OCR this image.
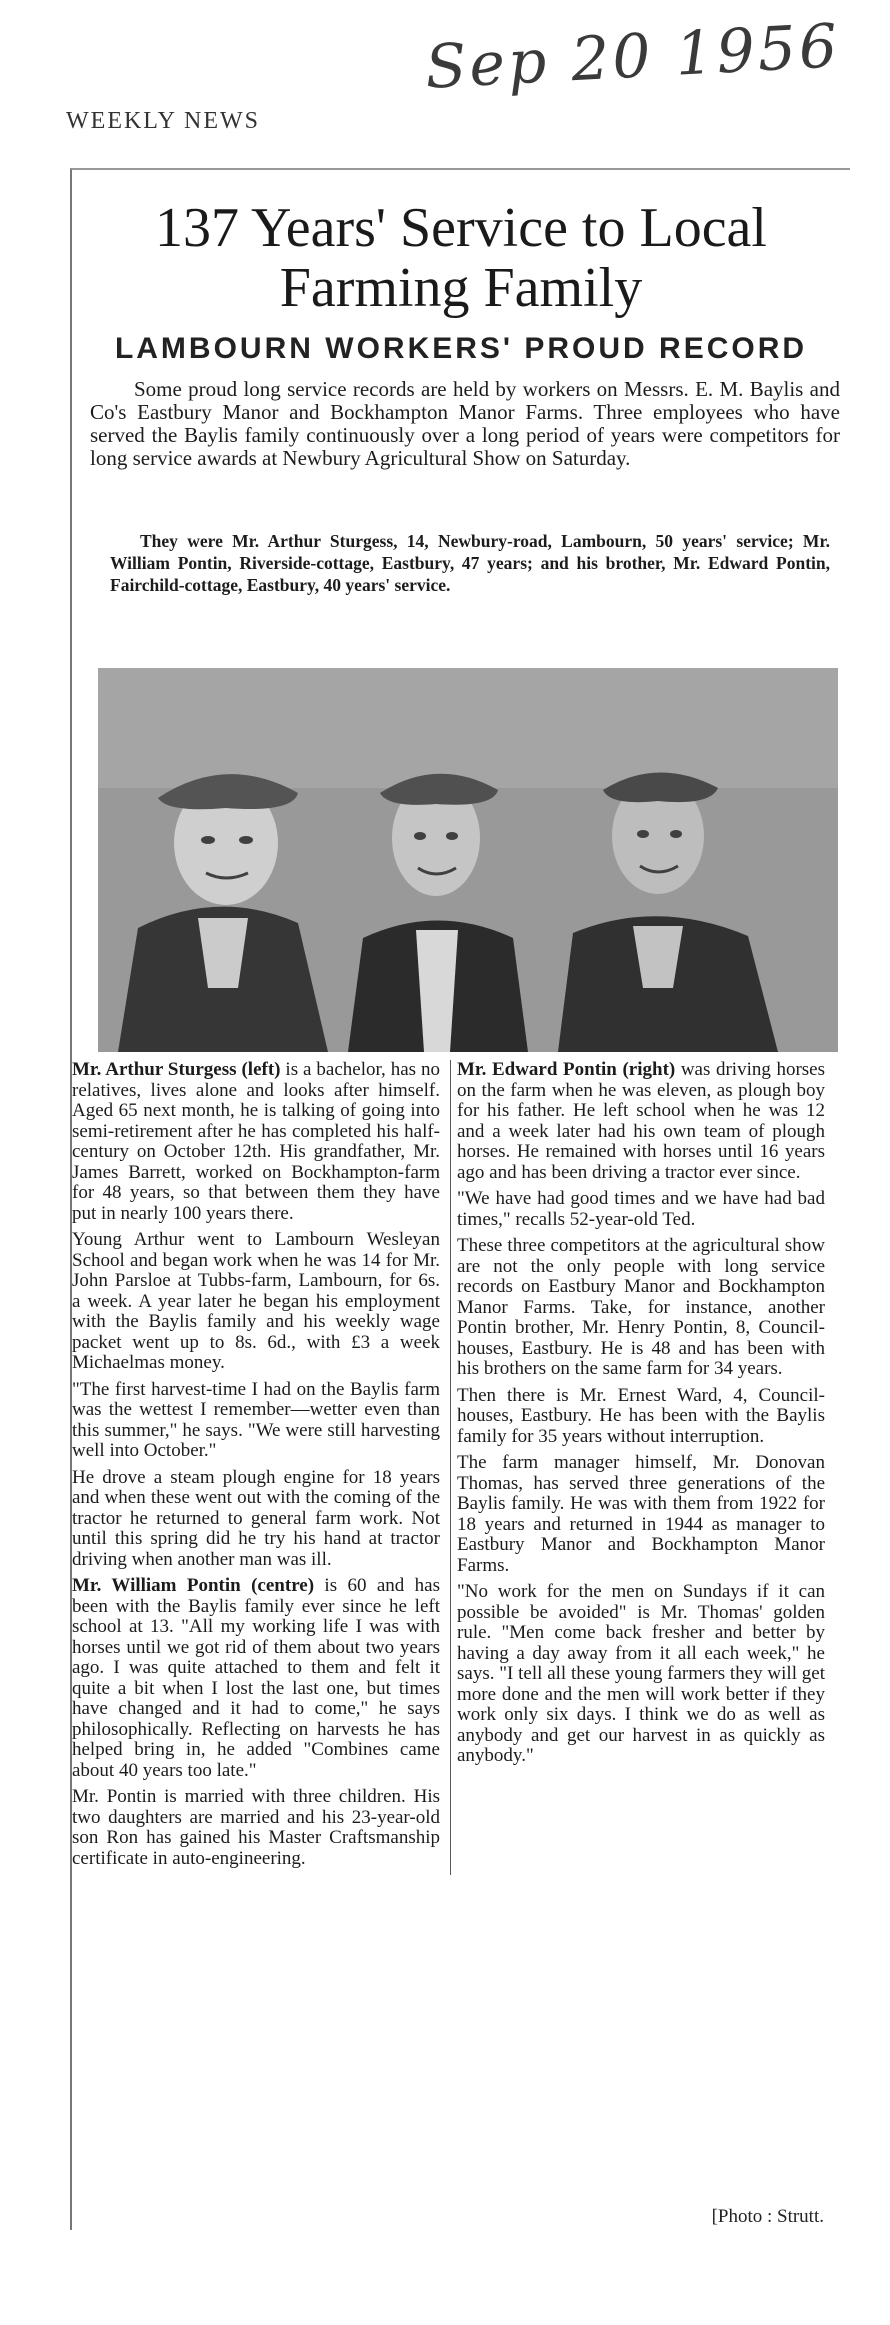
WEEKLY NEWS
Sep 20 1956
137 Years' Service to Local
Farming Family
LAMBOURN WORKERS' PROUD RECORD

Some proud long service records are held by workers on Messrs. E. M. Baylis and Co's Eastbury Manor and Bockhampton Manor Farms. Three employees who have served the Baylis family continuously over a long period of years were competitors for long service awards at Newbury Agricultural Show on Saturday.

They were Mr. Arthur Sturgess, 14, Newbury-road, Lambourn, 50 years' service; Mr. William Pontin, Riverside-cottage, Eastbury, 47 years; and his brother, Mr. Edward Pontin, Fairchild-cottage, Eastbury, 40 years' service.

Mr. Arthur Sturgess (left) is a bachelor, has no relatives, lives alone and looks after himself. Aged 65 next month, he is talking of going into semi-retirement after he has completed his half-century on October 12th. His grandfather, Mr. James Barrett, worked on Bockhampton-farm for 48 years, so that between them they have put in nearly 100 years there.

Young Arthur went to Lambourn Wesleyan School and began work when he was 14 for Mr. John Parsloe at Tubbs-farm, Lambourn, for 6s. a week. A year later he began his employment with the Baylis family and his weekly wage packet went up to 8s. 6d., with £3 a week Michaelmas money.

"The first harvest-time I had on the Baylis farm was the wettest I remember—wetter even than this summer," he says. "We were still harvesting well into October."

He drove a steam plough engine for 18 years and when these went out with the coming of the tractor he returned to general farm work. Not until this spring did he try his hand at tractor driving when another man was ill.

Mr. William Pontin (centre) is 60 and has been with the Baylis family ever since he left school at 13. "All my working life I was with horses until we got rid of them about two years ago. I was quite attached to them and felt it quite a bit when I lost the last one, but times have changed and it had to come," he says philosophically. Reflecting on harvests he has helped bring in, he added "Combines came about 40 years too late."

Mr. Pontin is married with three children. His two daughters are married and his 23-year-old son Ron has gained his Master Craftsmanship certificate in auto-engineering.

Mr. Edward Pontin (right) was driving horses on the farm when he was eleven, as plough boy for his father. He left school when he was 12 and a week later had his own team of plough horses. He remained with horses until 16 years ago and has been driving a tractor ever since.

"We have had good times and we have had bad times," recalls 52-year-old Ted.

These three competitors at the agricultural show are not the only people with long service records on Eastbury Manor and Bockhampton Manor Farms. Take, for instance, another Pontin brother, Mr. Henry Pontin, 8, Council-houses, Eastbury. He is 48 and has been with his brothers on the same farm for 34 years.

Then there is Mr. Ernest Ward, 4, Council-houses, Eastbury. He has been with the Baylis family for 35 years without interruption.

The farm manager himself, Mr. Donovan Thomas, has served three generations of the Baylis family. He was with them from 1922 for 18 years and returned in 1944 as manager to Eastbury Manor and Bockhampton Manor Farms.

"No work for the men on Sundays if it can possible be avoided" is Mr. Thomas' golden rule. "Men come back fresher and better by having a day away from it all each week," he says. "I tell all these young farmers they will get more done and the men will work better if they work only six days. I think we do as well as anybody and get our harvest in as quickly as anybody."

[Photo : Strutt.
